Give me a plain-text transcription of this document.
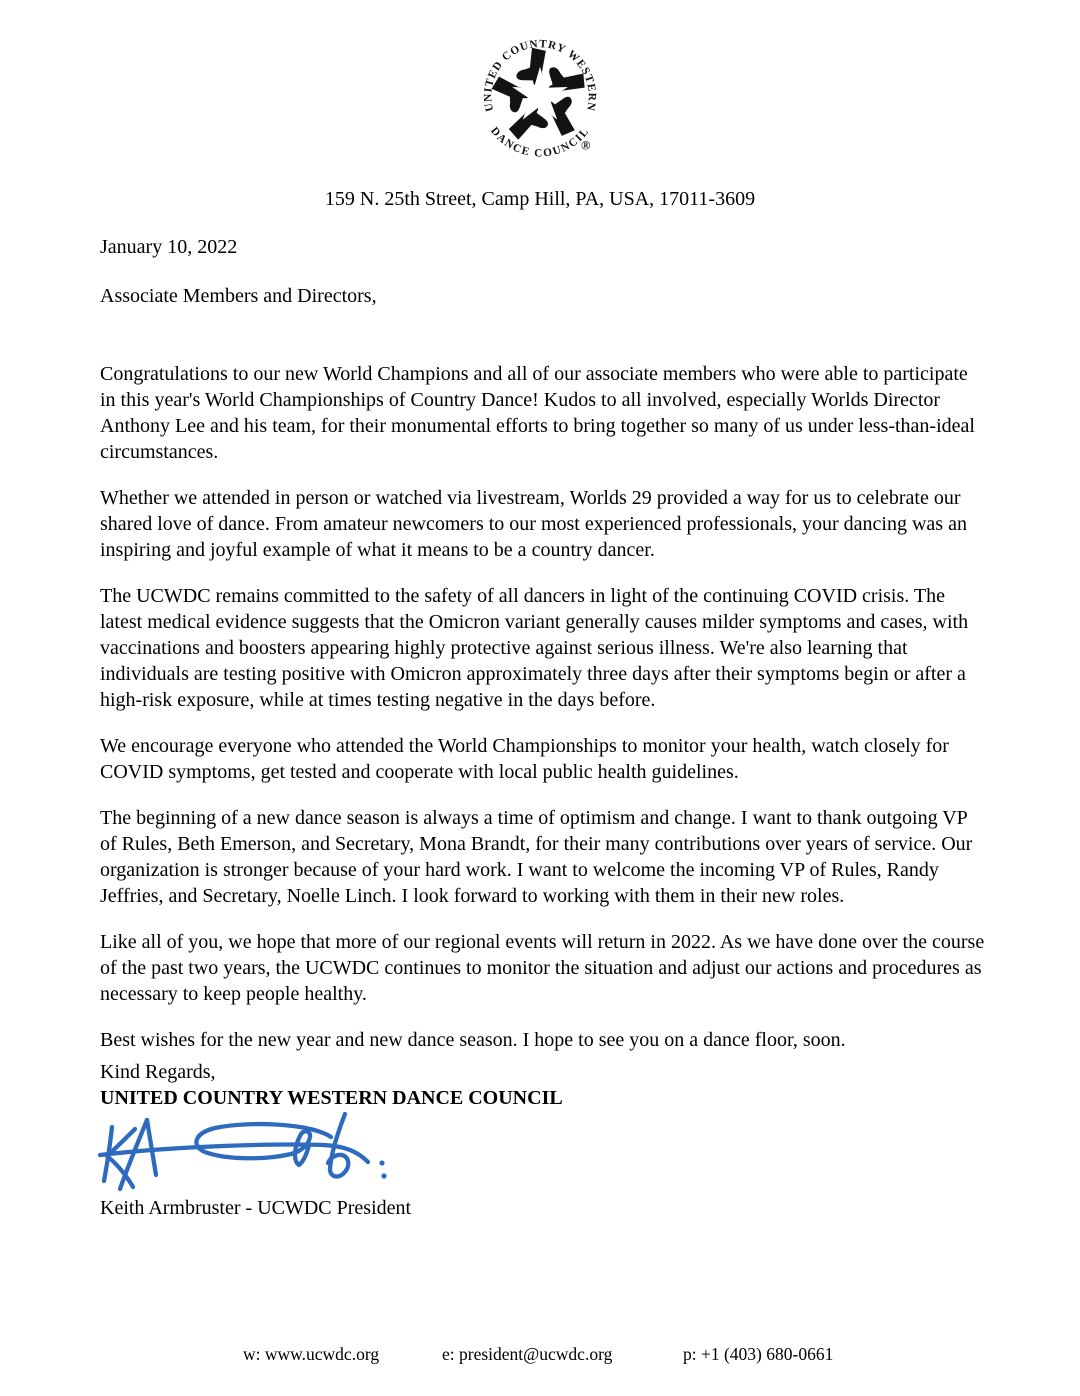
UNITED COUNTRY WESTERN
DANCE COUNCIL
®
159 N. 25th Street, Camp Hill, PA, USA, 17011-3609
January 10, 2022
Associate Members and Directors,

Congratulations to our new World Champions and all of our associate members who were able to participate in this year's World Championships of Country Dance! Kudos to all involved, especially Worlds Director Anthony Lee and his team, for their monumental efforts to bring together so many of us under less-than-ideal circumstances.

Whether we attended in person or watched via livestream, Worlds 29 provided a way for us to celebrate our shared love of dance. From amateur newcomers to our most experienced professionals, your dancing was an inspiring and joyful example of what it means to be a country dancer.

The UCWDC remains committed to the safety of all dancers in light of the continuing COVID crisis. The latest medical evidence suggests that the Omicron variant generally causes milder symptoms and cases, with vaccinations and boosters appearing highly protective against serious illness. We're also learning that individuals are testing positive with Omicron approximately three days after their symptoms begin or after a high-risk exposure, while at times testing negative in the days before.

We encourage everyone who attended the World Championships to monitor your health, watch closely for COVID symptoms, get tested and cooperate with local public health guidelines.

The beginning of a new dance season is always a time of optimism and change. I want to thank outgoing VP of Rules, Beth Emerson, and Secretary, Mona Brandt, for their many contributions over years of service. Our organization is stronger because of your hard work. I want to welcome the incoming VP of Rules, Randy Jeffries, and Secretary, Noelle Linch. I look forward to working with them in their new roles.

Like all of you, we hope that more of our regional events will return in 2022. As we have done over the course of the past two years, the UCWDC continues to monitor the situation and adjust our actions and procedures as necessary to keep people healthy.

Best wishes for the new year and new dance season. I hope to see you on a dance floor, soon.

Kind Regards,
UNITED COUNTRY WESTERN DANCE COUNCIL
Keith Armbruster - UCWDC President
w: www.ucwdc.org	e: president@ucwdc.org	p: +1 (403) 680-0661
